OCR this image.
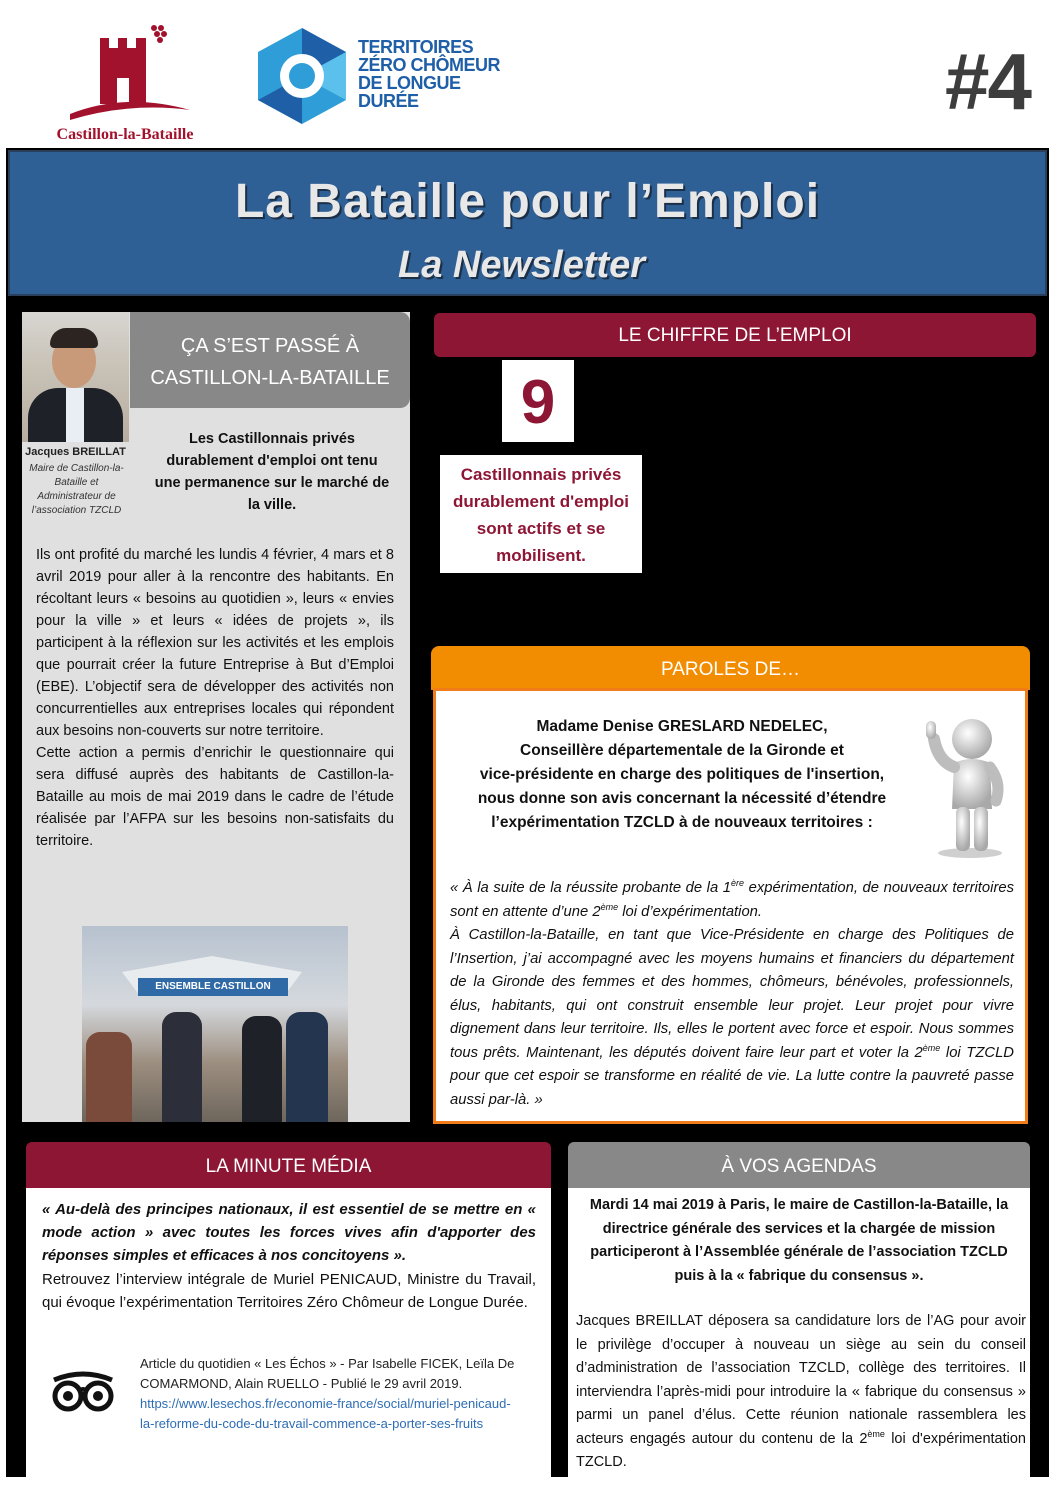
Castillon-la-Bataille
TERRITOIRES
ZÉRO CHÔMEUR
DE LONGUE
DURÉE	#4
La Bataille pour l’Emploi
La Newsletter
Jacques BREILLAT
Maire de Castillon-la-Bataille et Administrateur de l’association TZCLD
ÇA S’EST PASSÉ À
CASTILLON-LA-BATAILLE
Les Castillonnais privés durablement d'emploi ont tenu une permanence sur le marché de la ville.
Ils ont profité du marché les lundis 4 février, 4 mars et 8 avril 2019 pour aller à la rencontre des habitants. En récoltant leurs « besoins au quotidien », leurs « envies pour la ville » et leurs « idées de projets », ils participent à la réflexion sur les activités et les emplois que pourrait créer la future Entreprise à But d’Emploi (EBE). L’objectif sera de développer des activités non concurrentielles aux entreprises locales qui répondent aux besoins non-couverts sur notre territoire.
Cette action a permis d’enrichir le questionnaire qui sera diffusé auprès des habitants de Castillon-la-Bataille au mois de mai 2019 dans le cadre de l’étude réalisée par l’AFPA sur les besoins non-satisfaits du territoire.
ENSEMBLE CASTILLON
LE CHIFFRE DE L’EMPLOI
9
Castillonnais privés durablement d'emploi sont actifs et se mobilisent.
PAROLES DE…
Madame Denise GRESLARD NEDELEC,
Conseillère départementale de la Gironde et
vice-présidente en charge des politiques de l'insertion,
nous donne son avis concernant la nécessité d’étendre
l’expérimentation TZCLD à de nouveaux territoires :
« À la suite de la réussite probante de la 1ère expérimentation, de nouveaux territoires sont en attente d’une 2ème loi d’expérimentation.
À Castillon-la-Bataille, en tant que Vice-Présidente en charge des Politiques de l’Insertion, j’ai accompagné avec les moyens humains et financiers du département de la Gironde des femmes et des hommes, chômeurs, bénévoles, professionnels, élus, habitants, qui ont construit ensemble leur projet. Leur projet pour vivre dignement dans leur territoire. Ils, elles le portent avec force et espoir. Nous sommes tous prêts. Maintenant, les députés doivent faire leur part et voter la 2ème loi TZCLD pour que cet espoir se transforme en réalité de vie. La lutte contre la pauvreté passe aussi par-là. »
LA MINUTE MÉDIA
« Au-delà des principes nationaux, il est essentiel de se mettre en « mode action » avec toutes les forces vives afin d'apporter des réponses simples et efficaces à nos concitoyens ».
Retrouvez l’interview intégrale de Muriel PENICAUD, Ministre du Travail, qui évoque l’expérimentation Territoires Zéro Chômeur de Longue Durée.
Article du quotidien « Les Échos » - Par Isabelle FICEK, Leïla De COMARMOND, Alain RUELLO - Publié le 29 avril 2019.
https://www.lesechos.fr/economie-france/social/muriel-penicaud-la-reforme-du-code-du-travail-commence-a-porter-ses-fruits
À VOS AGENDAS
Mardi 14 mai 2019 à Paris, le maire de Castillon-la-Bataille, la directrice générale des services et la chargée de mission participeront à l’Assemblée générale de l’association TZCLD puis à la « fabrique du consensus ».
Jacques BREILLAT déposera sa candidature lors de l’AG pour avoir le privilège d’occuper à nouveau un siège au sein du conseil d’administration de l’association TZCLD, collège des territoires. Il interviendra l’après-midi pour introduire la « fabrique du consensus » parmi un panel d’élus. Cette réunion nationale rassemblera les acteurs engagés autour du contenu de la 2ème loi d'expérimentation TZCLD.
